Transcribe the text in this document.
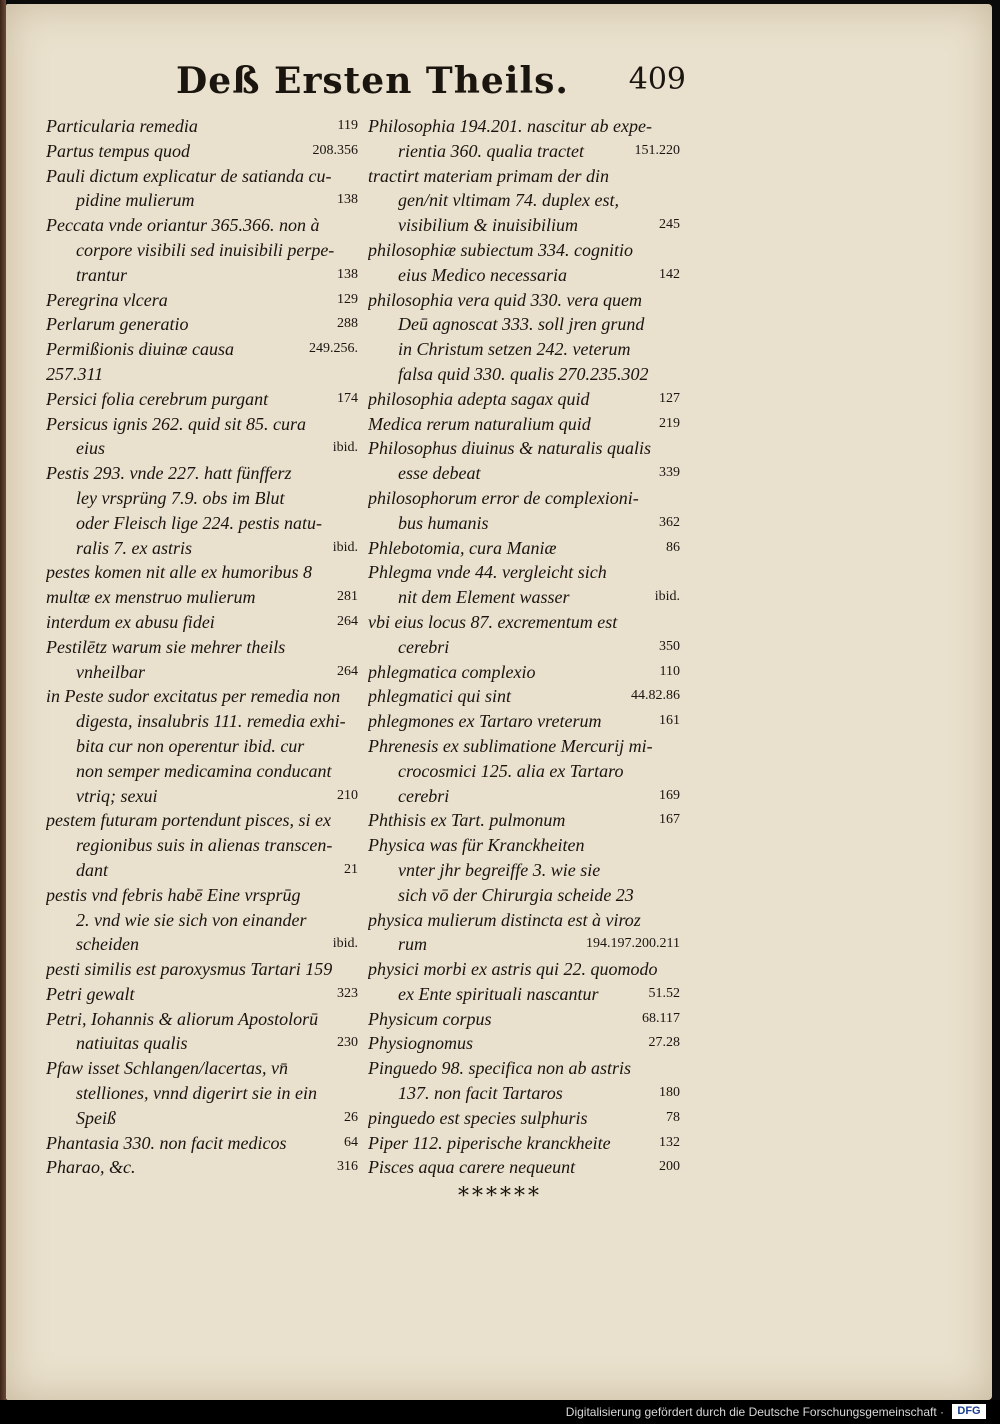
Deß Ersten Theils. 409
Particularia remedia	119
Partus tempus quod	208.356
Pauli dictum explicatur de satianda cu-
pidine mulierum	138
Peccata vnde oriantur 365.366. non à
corpore visibili sed inuisibili perpe-
trantur	138
Peregrina vlcera	129
Perlarum generatio	288
Permißionis diuinæ causa	249.256.
257.311
Persici folia cerebrum purgant	174
Persicus ignis 262. quid sit 85. cura
eius	ibid.
Pestis 293. vnde 227. hatt fünfferz
ley vrsprüng 7.9. obs im Blut
oder Fleisch lige 224. pestis natu-
ralis 7. ex astris	ibid.
pestes komen nit alle ex humoribus 8
multæ ex menstruo mulierum	281
interdum ex abusu fidei	264
Pestilētz warum sie mehrer theils
vnheilbar	264
in Peste sudor excitatus per remedia non
digesta, insalubris 111. remedia exhi-
bita cur non operentur ibid. cur
non semper medicamina conducant
vtriq; sexui	210
pestem futuram portendunt pisces, si ex
regionibus suis in alienas transcen-
dant	21
pestis vnd febris habē Eine vrsprūg
2. vnd wie sie sich von einander
scheiden	ibid.
pesti similis est paroxysmus Tartari 159
Petri gewalt	323
Petri, Iohannis & aliorum Apostolorū
natiuitas qualis	230
Pfaw isset Schlangen/lacertas, vn̄
stelliones, vnnd digerirt sie in ein
Speiß	26
Phantasia 330. non facit medicos	64
Pharao, &c.	316
Philosophia 194.201. nascitur ab expe-
rientia 360. qualia tractet	151.220
tractirt materiam primam der din
gen/nit vltimam 74. duplex est,
visibilium & inuisibilium	245
philosophiæ subiectum 334. cognitio
eius Medico necessaria	142
philosophia vera quid 330. vera quem
Deū agnoscat 333. soll jren grund
in Christum setzen 242. veterum
falsa quid 330. qualis 270.235.302
philosophia adepta sagax quid	127
Medica rerum naturalium quid	219
Philosophus diuinus & naturalis qualis
esse debeat	339
philosophorum error de complexioni-
bus humanis	362
Phlebotomia, cura Maniæ	86
Phlegma vnde 44. vergleicht sich
nit dem Element wasser	ibid.
vbi eius locus 87. excrementum est
cerebri	350
phlegmatica complexio	110
phlegmatici qui sint	44.82.86
phlegmones ex Tartaro vreterum	161
Phrenesis ex sublimatione Mercurij mi-
crocosmici 125. alia ex Tartaro
cerebri	169
Phthisis ex Tart. pulmonum	167
Physica was für Kranckheiten
vnter jhr begreiffe 3. wie sie
sich vō der Chirurgia scheide 23
physica mulierum distincta est à viroz
rum	194.197.200.211
physici morbi ex astris qui 22. quomodo
ex Ente spirituali nascantur	51.52
Physicum corpus	68.117
Physiognomus	27.28
Pinguedo 98. specifica non ab astris
137. non facit Tartaros	180
pinguedo est species sulphuris	78
Piper 112. piperische kranckheite	132
Pisces aqua carere nequeunt	200
******
Digitalisierung gefördert durch die Deutsche Forschungsgemeinschaft ·	DFG
